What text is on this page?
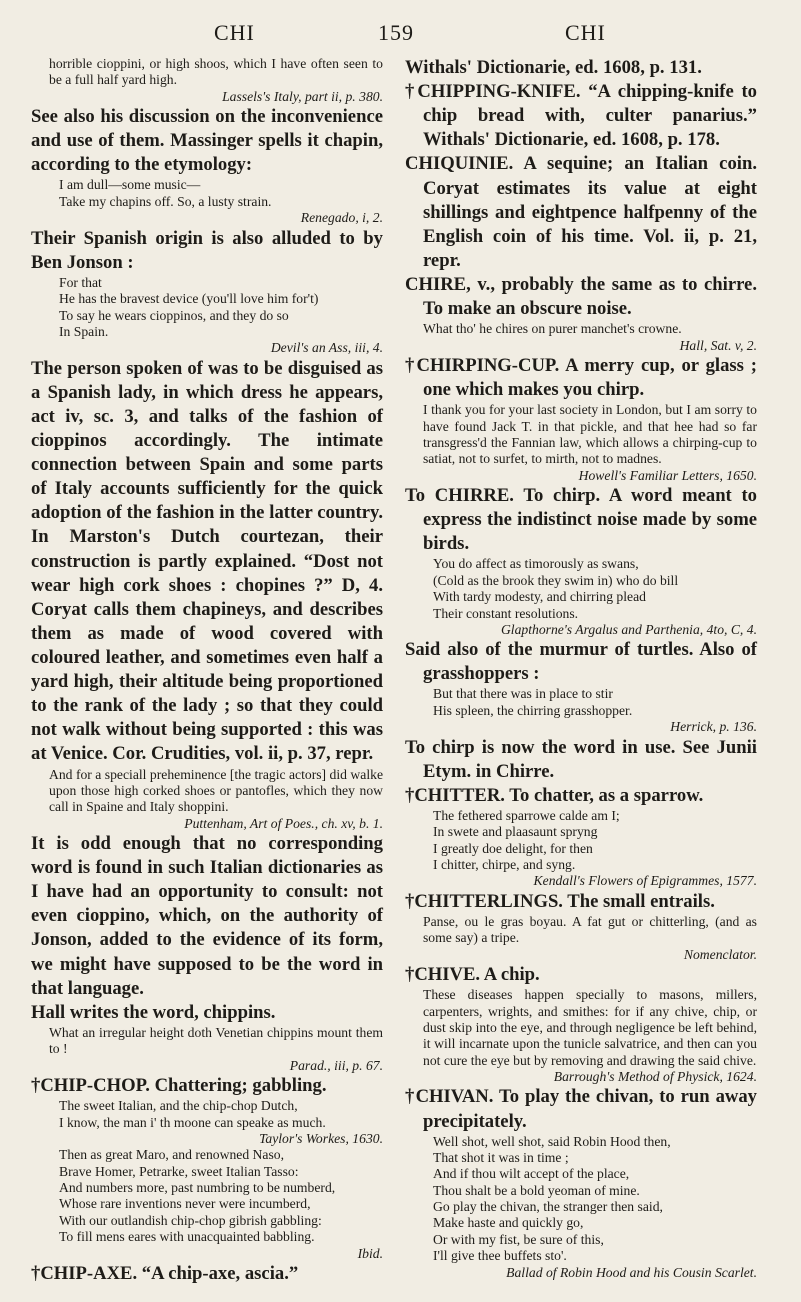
CHI	159	CHI

horrible cioppini, or high shoos, which I have often seen to be a full half yard high.

Lassels's Italy, part ii, p. 380.

See also his discussion on the inconvenience and use of them. Massinger spells it chapin, according to the etymology:

I am dull—some music—
Take my chapins off. So, a lusty strain.

Renegado, i, 2.

Their Spanish origin is also alluded to by Ben Jonson :

For that
He has the bravest device (you'll love him for't)
To say he wears cioppinos, and they do so
In Spain.

Devil's an Ass, iii, 4.

The person spoken of was to be disguised as a Spanish lady, in which dress he appears, act iv, sc. 3, and talks of the fashion of cioppinos accordingly. The intimate connection between Spain and some parts of Italy accounts sufficiently for the quick adoption of the fashion in the latter country. In Marston's Dutch courtezan, their construction is partly explained. “Dost not wear high cork shoes : chopines ?” D, 4. Coryat calls them chapineys, and describes them as made of wood covered with coloured leather, and sometimes even half a yard high, their altitude being proportioned to the rank of the lady ; so that they could not walk without being supported : this was at Venice. Cor. Crudities, vol. ii, p. 37, repr.

And for a speciall preheminence [the tragic actors] did walke upon those high corked shoes or pantofles, which they now call in Spaine and Italy shoppini.

Puttenham, Art of Poes., ch. xv, b. 1.

It is odd enough that no corresponding word is found in such Italian dictionaries as I have had an opportunity to consult: not even cioppino, which, on the authority of Jonson, added to the evidence of its form, we might have supposed to be the word in that language.

Hall writes the word, chippins.

What an irregular height doth Venetian chippins mount them to !

Parad., iii, p. 67.

†CHIP-CHOP. Chattering; gabbling.

The sweet Italian, and the chip-chop Dutch,
I know, the man i' th moone can speake as much.

Taylor's Workes, 1630.

Then as great Maro, and renowned Naso,
Brave Homer, Petrarke, sweet Italian Tasso:
And numbers more, past numbring to be numberd,
Whose rare inventions never were incumberd,
With our outlandish chip-chop gibrish gabbling:
To fill mens eares with unacquainted babbling.

Ibid.

†CHIP-AXE. “A chip-axe, ascia.”

Withals' Dictionarie, ed. 1608, p. 131.

†CHIPPING-KNIFE. “A chipping-knife to chip bread with, culter panarius.” Withals' Dictionarie, ed. 1608, p. 178.

CHIQUINIE. A sequine; an Italian coin. Coryat estimates its value at eight shillings and eightpence halfpenny of the English coin of his time. Vol. ii, p. 21, repr.

CHIRE, v., probably the same as to chirre. To make an obscure noise.

What tho' he chires on purer manchet's crowne.

Hall, Sat. v, 2.

†CHIRPING-CUP. A merry cup, or glass ; one which makes you chirp.

I thank you for your last society in London, but I am sorry to have found Jack T. in that pickle, and that hee had so far transgress'd the Fannian law, which allows a chirping-cup to satiat, not to surfet, to mirth, not to madnes.

Howell's Familiar Letters, 1650.

To CHIRRE. To chirp. A word meant to express the indistinct noise made by some birds.

You do affect as timorously as swans,
(Cold as the brook they swim in) who do bill
With tardy modesty, and chirring plead
Their constant resolutions.

Glapthorne's Argalus and Parthenia, 4to, C, 4.

Said also of the murmur of turtles. Also of grasshoppers :

But that there was in place to stir
His spleen, the chirring grasshopper.

Herrick, p. 136.

To chirp is now the word in use. See Junii Etym. in Chirre.

†CHITTER. To chatter, as a sparrow.

The fethered sparrowe calde am I;
In swete and plaasaunt spryng
I greatly doe delight, for then
I chitter, chirpe, and syng.

Kendall's Flowers of Epigrammes, 1577.

†CHITTERLINGS. The small entrails.

Panse, ou le gras boyau. A fat gut or chitterling, (and as some say) a tripe.

Nomenclator.

†CHIVE. A chip.

These diseases happen specially to masons, millers, carpenters, wrights, and smithes: for if any chive, chip, or dust skip into the eye, and through negligence be left behind, it will incarnate upon the tunicle salvatrice, and then can you not cure the eye but by removing and drawing the said chive.

Barrough's Method of Physick, 1624.

†CHIVAN. To play the chivan, to run away precipitately.

Well shot, well shot, said Robin Hood then,
That shot it was in time ;
And if thou wilt accept of the place,
Thou shalt be a bold yeoman of mine.
Go play the chivan, the stranger then said,
Make haste and quickly go,
Or with my fist, be sure of this,
I'll give thee buffets sto'.

Ballad of Robin Hood and his Cousin Scarlet.
